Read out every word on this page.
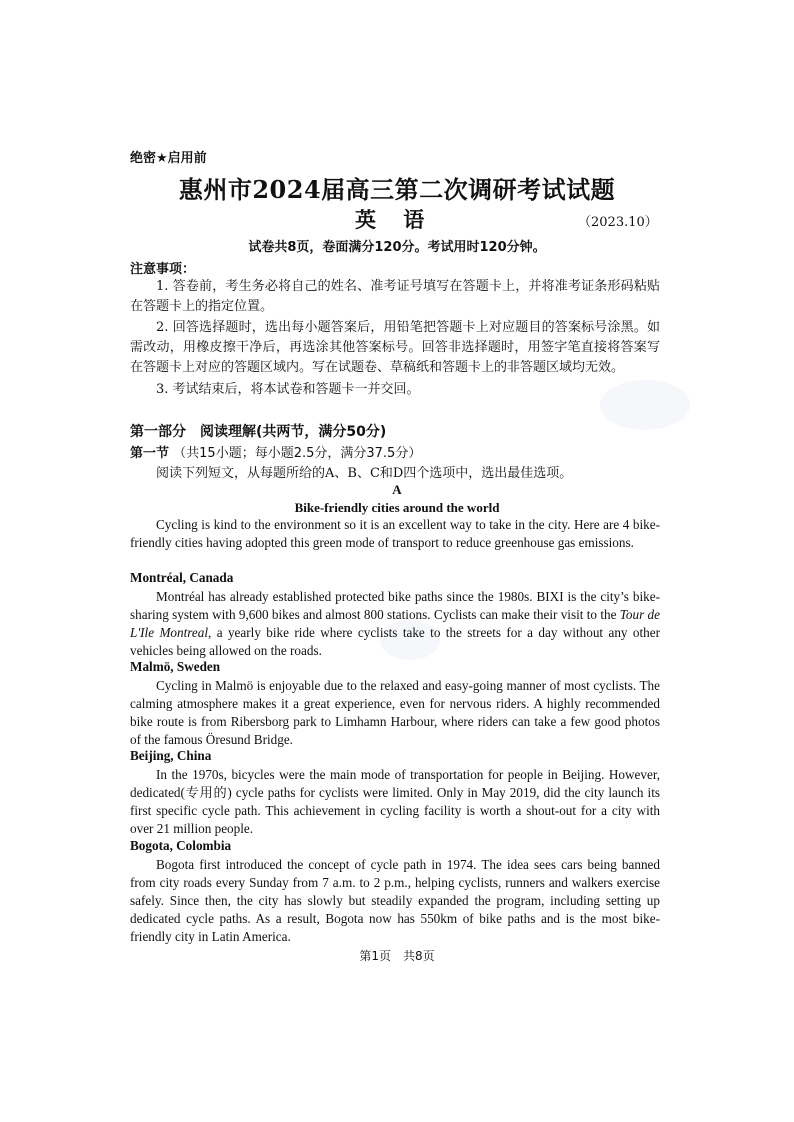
绝密★启用前
惠州市2024届高三第二次调研考试试题
英 语	（2023.10）
试卷共8页，卷面满分120分。考试用时120分钟。
注意事项：
1. 答卷前，考生务必将自己的姓名、准考证号填写在答题卡上，并将准考证条形码粘贴在答题卡上的指定位置。
2. 回答选择题时，选出每小题答案后，用铅笔把答题卡上对应题目的答案标号涂黑。如需改动，用橡皮擦干净后，再选涂其他答案标号。回答非选择题时，用签字笔直接将答案写在答题卡上对应的答题区域内。写在试题卷、草稿纸和答题卡上的非答题区域均无效。
3. 考试结束后，将本试卷和答题卡一并交回。
第一部分　阅读理解(共两节，满分50分)
第一节 （共15小题；每小题2.5分，满分37.5分）
阅读下列短文，从每题所给的A、B、C和D四个选项中，选出最佳选项。
A
Bike-friendly cities around the world
Cycling is kind to the environment so it is an excellent way to take in the city. Here are 4 bike-friendly cities having adopted this green mode of transport to reduce greenhouse gas emissions.
Montréal, Canada
Montréal has already established protected bike paths since the 1980s. BIXI is the city’s bike-sharing system with 9,600 bikes and almost 800 stations. Cyclists can make their visit to the Tour de L'Ile Montreal, a yearly bike ride where cyclists take to the streets for a day without any other vehicles being allowed on the roads.
Malmö, Sweden
Cycling in Malmö is enjoyable due to the relaxed and easy-going manner of most cyclists. The calming atmosphere makes it a great experience, even for nervous riders. A highly recommended bike route is from Ribersborg park to Limhamn Harbour, where riders can take a few good photos of the famous Öresund Bridge.
Beijing, China
In the 1970s, bicycles were the main mode of transportation for people in Beijing. However, dedicated(专用的) cycle paths for cyclists were limited. Only in May 2019, did the city launch its first specific cycle path. This achievement in cycling facility is worth a shout-out for a city with over 21 million people.
Bogota, Colombia
Bogota first introduced the concept of cycle path in 1974. The idea sees cars being banned from city roads every Sunday from 7 a.m. to 2 p.m., helping cyclists, runners and walkers exercise safely. Since then, the city has slowly but steadily expanded the program, including setting up dedicated cycle paths. As a result, Bogota now has 550km of bike paths and is the most bike-friendly city in Latin America.
第1页　共8页
